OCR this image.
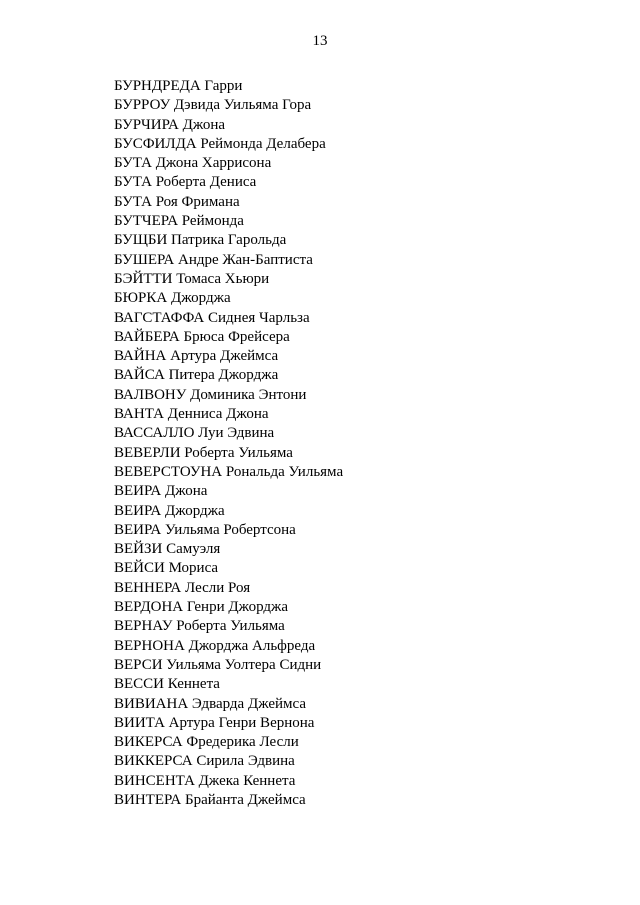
13
БУРНДРЕДА Гарри
БУРРОУ Дэвида Уильяма Гора
БУРЧИРА Джона
БУСФИЛДА Реймонда Делабера
БУТА Джона Харрисона
БУТА Роберта Дениса
БУТА Роя Фримана
БУТЧЕРА Реймонда
БУЩБИ Патрика Гарольда
БУШЕРА Андре Жан-Баптиста
БЭЙТТИ Томаса Хьюри
БЮРКА Джорджа
ВАГСТАФФА Сиднея Чарльза
ВАЙБЕРА Брюса Фрейсера
ВАЙНА Артура Джеймса
ВАЙСА Питера Джорджа
ВАЛВОНУ Доминика Энтони
ВАНТА Денниса Джона
ВАССАЛЛО Луи Эдвина
ВЕВЕРЛИ Роберта Уильяма
ВЕВЕРСТОУНА Рональда Уильяма
ВЕИРА Джона
ВЕИРА Джорджа
ВЕИРА Уильяма Робертсона
ВЕЙЗИ Самуэля
ВЕЙСИ Мориса
ВЕННЕРА Лесли Роя
ВЕРДОНА Генри Джорджа
ВЕРНАУ Роберта Уильяма
ВЕРНОНА Джорджа Альфреда
ВЕРСИ Уильяма Уолтера Сидни
ВЕССИ Кеннета
ВИВИАНА Эдварда Джеймса
ВИИТА Артура Генри Вернона
ВИКЕРСА Фредерика Лесли
ВИККЕРСА Сирила Эдвина
ВИНСЕНТА Джека Кеннета
ВИНТЕРА Брайанта Джеймса
